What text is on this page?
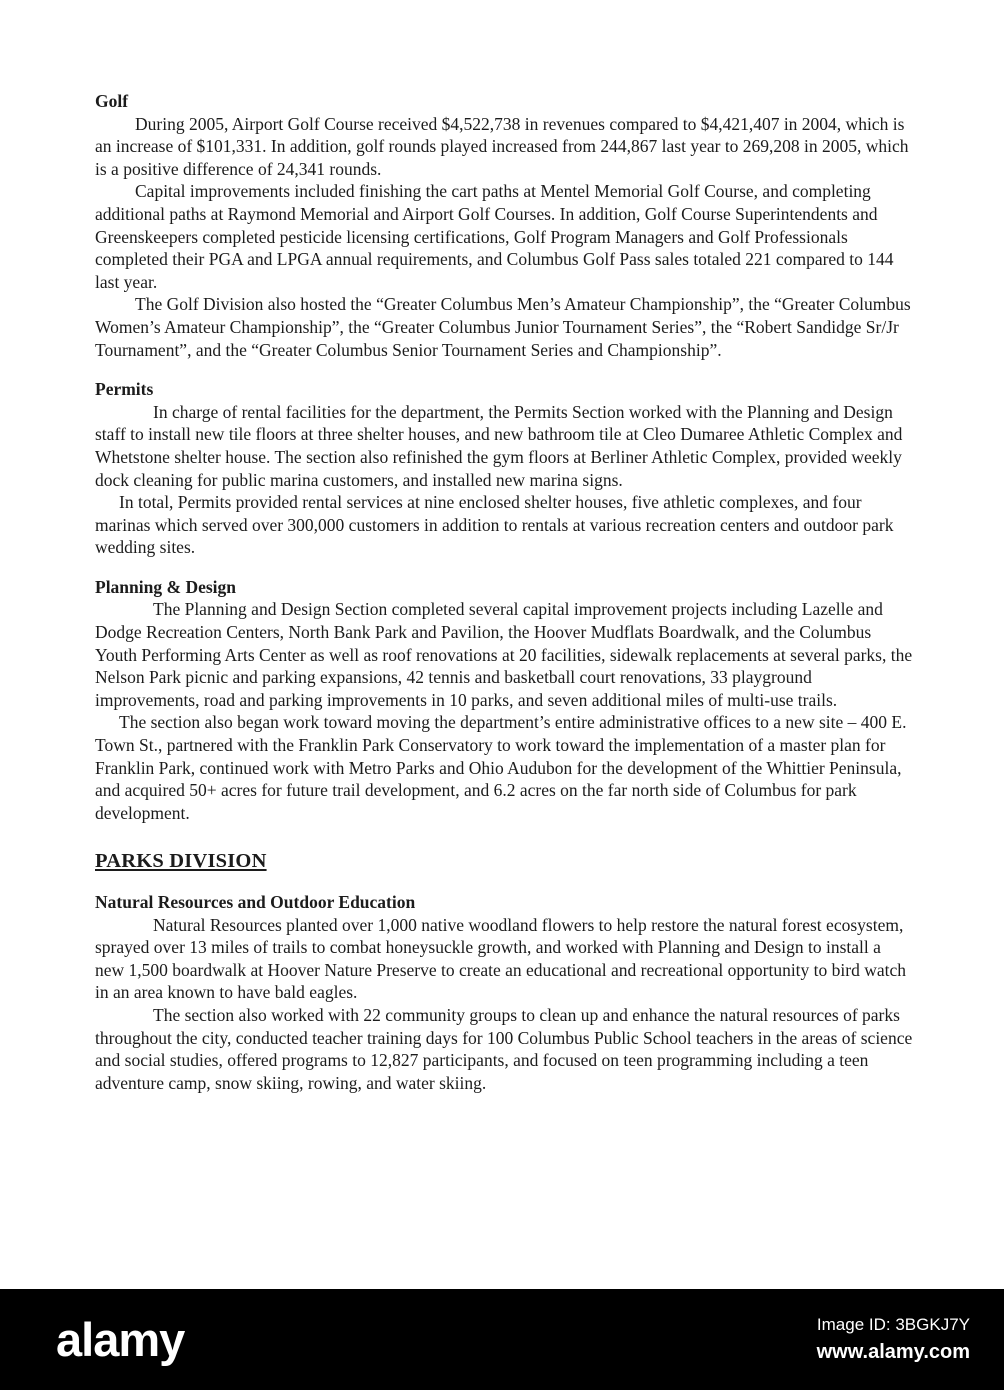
Golf
During 2005, Airport Golf Course received $4,522,738 in revenues compared to $4,421,407 in 2004, which is an increase of $101,331. In addition, golf rounds played increased from 244,867 last year to 269,208 in 2005, which is a positive difference of 24,341 rounds.
Capital improvements included finishing the cart paths at Mentel Memorial Golf Course, and completing additional paths at Raymond Memorial and Airport Golf Courses. In addition, Golf Course Superintendents and Greenskeepers completed pesticide licensing certifications, Golf Program Managers and Golf Professionals completed their PGA and LPGA annual requirements, and Columbus Golf Pass sales totaled 221 compared to 144 last year.
The Golf Division also hosted the “Greater Columbus Men’s Amateur Championship”, the “Greater Columbus Women’s Amateur Championship”, the “Greater Columbus Junior Tournament Series”, the “Robert Sandidge Sr/Jr Tournament”, and the “Greater Columbus Senior Tournament Series and Championship”.
Permits
In charge of rental facilities for the department, the Permits Section worked with the Planning and Design staff to install new tile floors at three shelter houses, and new bathroom tile at Cleo Dumaree Athletic Complex and Whetstone shelter house. The section also refinished the gym floors at Berliner Athletic Complex, provided weekly dock cleaning for public marina customers, and installed new marina signs.
In total, Permits provided rental services at nine enclosed shelter houses, five athletic complexes, and four marinas which served over 300,000 customers in addition to rentals at various recreation centers and outdoor park wedding sites.
Planning & Design
The Planning and Design Section completed several capital improvement projects including Lazelle and Dodge Recreation Centers, North Bank Park and Pavilion, the Hoover Mudflats Boardwalk, and the Columbus Youth Performing Arts Center as well as roof renovations at 20 facilities, sidewalk replacements at several parks, the Nelson Park picnic and parking expansions, 42 tennis and basketball court renovations, 33 playground improvements, road and parking improvements in 10 parks, and seven additional miles of multi-use trails.
The section also began work toward moving the department’s entire administrative offices to a new site – 400 E. Town St., partnered with the Franklin Park Conservatory to work toward the implementation of a master plan for Franklin Park, continued work with Metro Parks and Ohio Audubon for the development of the Whittier Peninsula, and acquired 50+ acres for future trail development, and 6.2 acres on the far north side of Columbus for park development.
PARKS DIVISION
Natural Resources and Outdoor Education
Natural Resources planted over 1,000 native woodland flowers to help restore the natural forest ecosystem, sprayed over 13 miles of trails to combat honeysuckle growth, and worked with Planning and Design to install a new 1,500 boardwalk at Hoover Nature Preserve to create an educational and recreational opportunity to bird watch in an area known to have bald eagles.
The section also worked with 22 community groups to clean up and enhance the natural resources of parks throughout the city, conducted teacher training days for 100 Columbus Public School teachers in the areas of science and social studies, offered programs to 12,827 participants, and focused on teen programming including a teen adventure camp, snow skiing, rowing, and water skiing.
alamy	Image ID: 3BGKJ7Y
www.alamy.com
